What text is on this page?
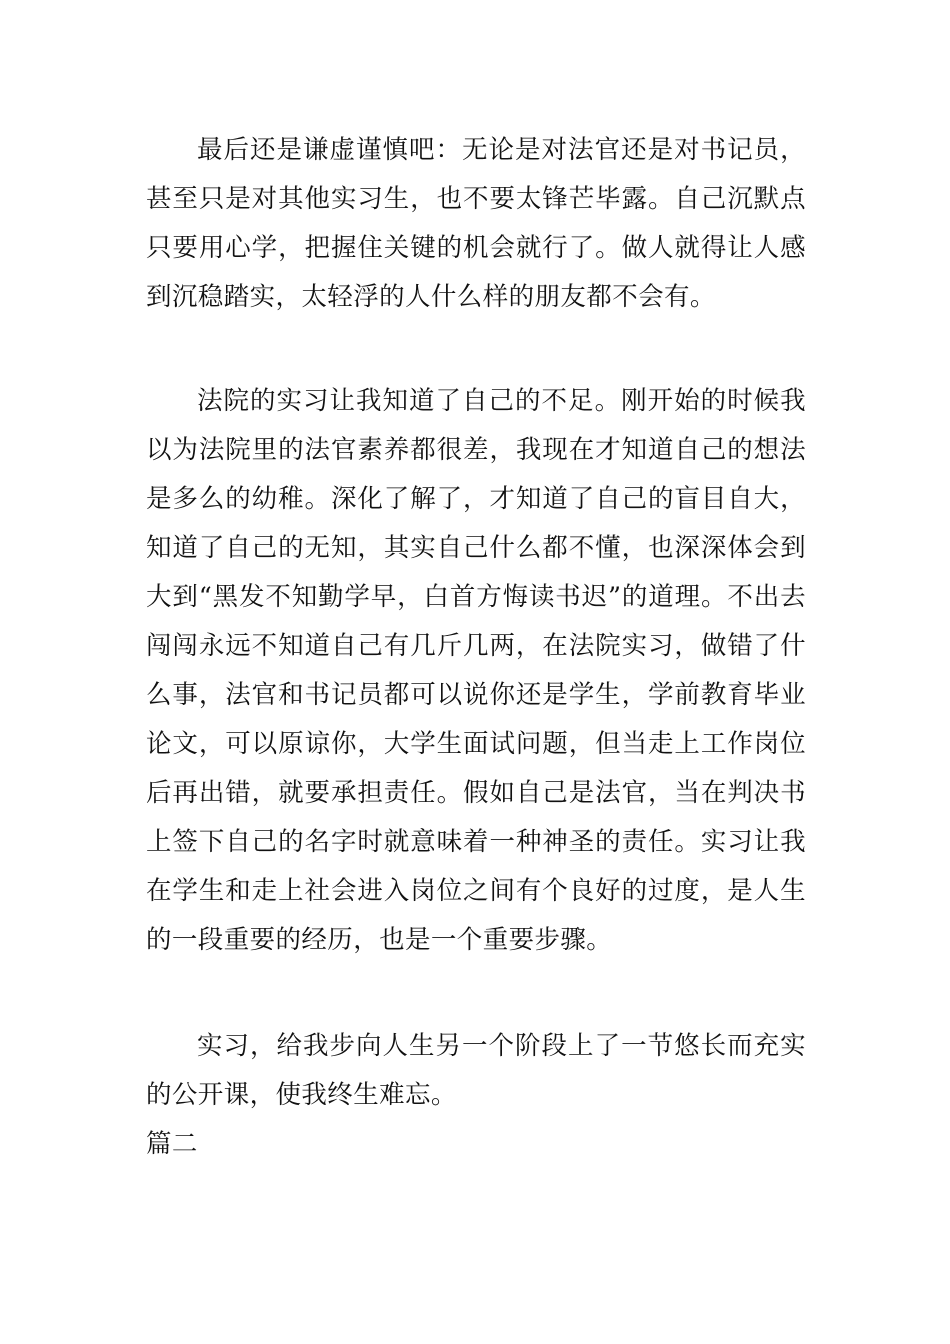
最后还是谦虚谨慎吧：无论是对法官还是对书记员，甚至只是对其他实习生，也不要太锋芒毕露。自己沉默点只要用心学，把握住关键的机会就行了。做人就得让人感到沉稳踏实，太轻浮的人什么样的朋友都不会有。

法院的实习让我知道了自己的不足。刚开始的时候我以为法院里的法官素养都很差，我现在才知道自己的想法是多么的幼稚。深化了解了，才知道了自己的盲目自大，知道了自己的无知，其实自己什么都不懂，也深深体会到大到“黑发不知勤学早，白首方悔读书迟”的道理。不出去闯闯永远不知道自己有几斤几两，在法院实习，做错了什么事，法官和书记员都可以说你还是学生，学前教育毕业论文，可以原谅你，大学生面试问题，但当走上工作岗位后再出错，就要承担责任。假如自己是法官，当在判决书上签下自己的名字时就意味着一种神圣的责任。实习让我在学生和走上社会进入岗位之间有个良好的过度，是人生的一段重要的经历，也是一个重要步骤。

实习，给我步向人生另一个阶段上了一节悠长而充实的公开课，使我终生难忘。

篇二
